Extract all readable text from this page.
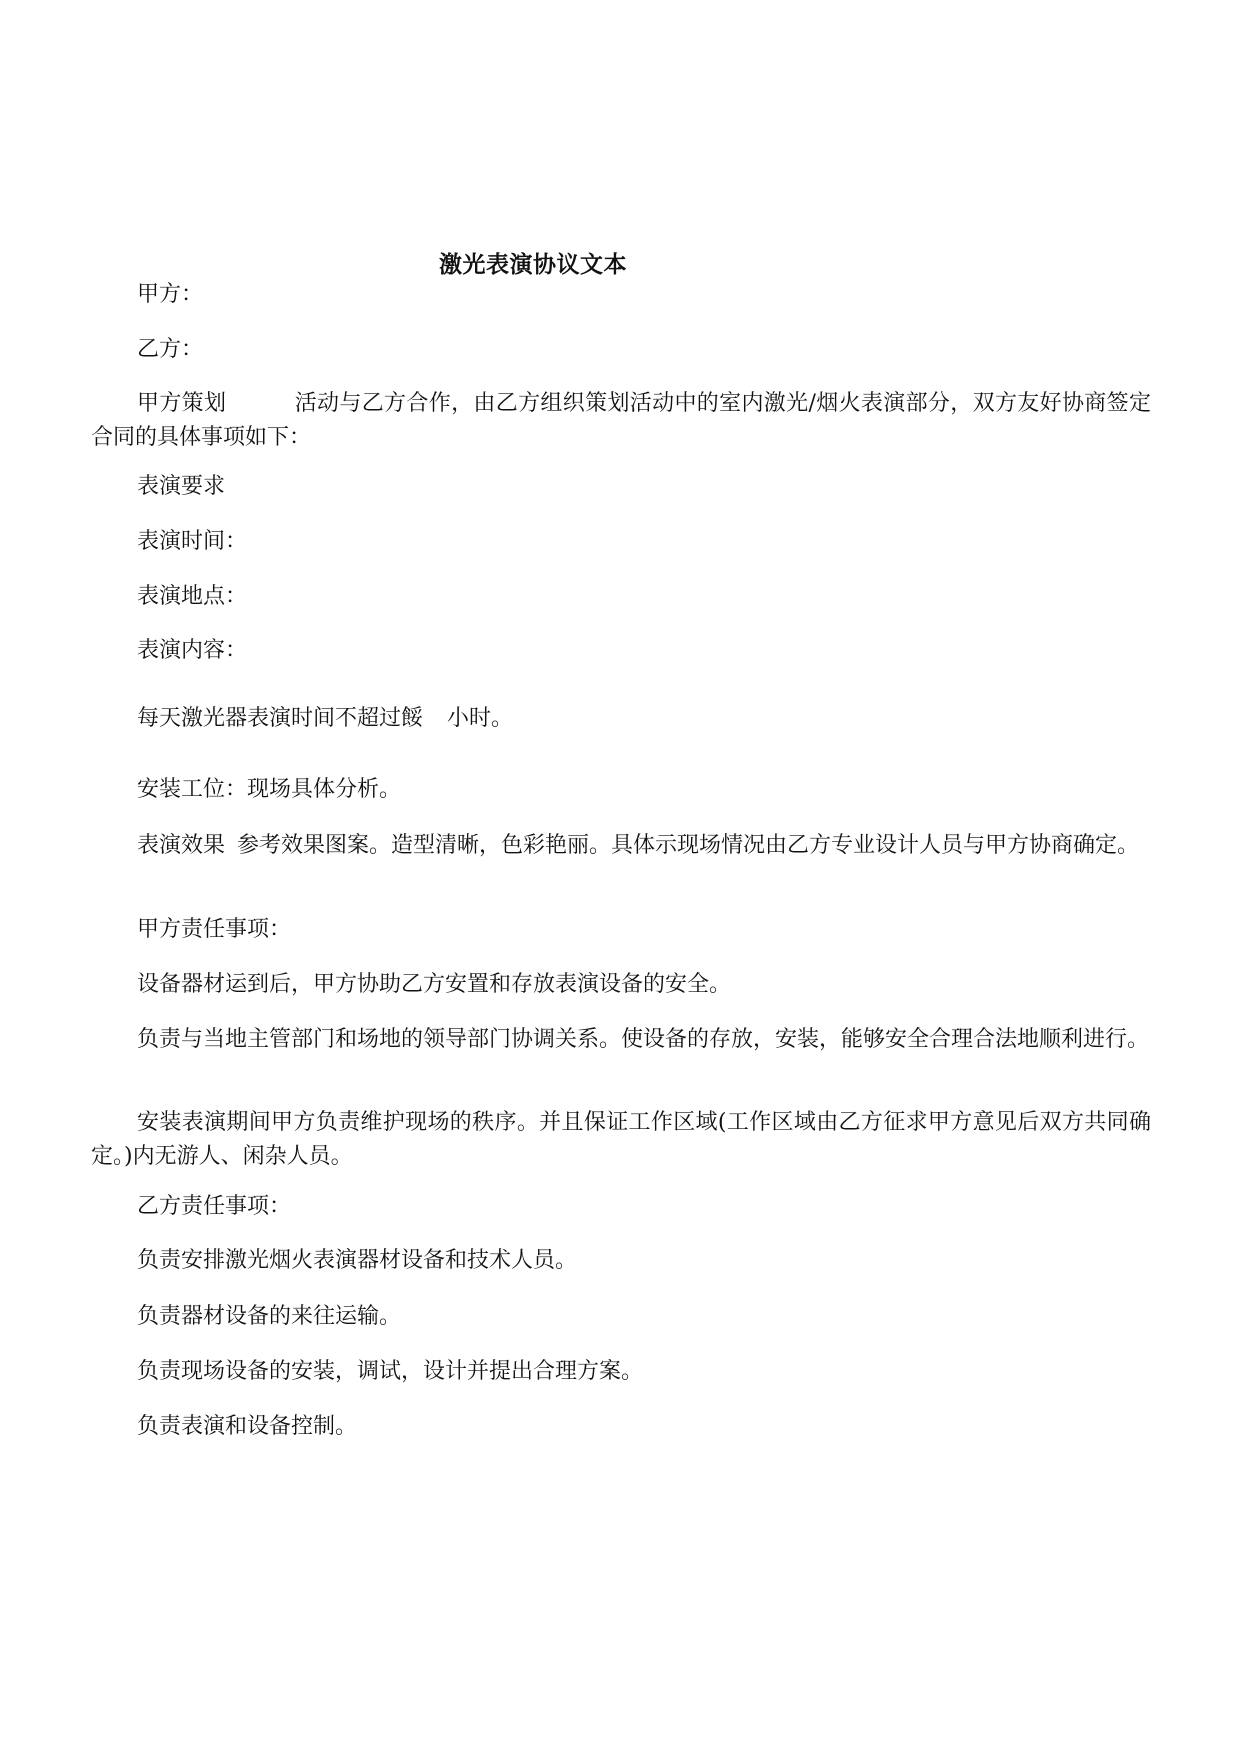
激光表演协议文本
甲方：
乙方：
甲方策划	活动与乙方合作，由乙方组织策划活动中的室内激光/烟火表演部分，双方友好协商签定合同的具体事项如下：
表演要求
表演时间：
表演地点：
表演内容：
每天激光器表演时间不超过餒 小时。
安装工位：现场具体分析。
表演效果 参考效果图案。造型清晰，色彩艳丽。具体示现场情况由乙方专业设计人员与甲方协商确定。
甲方责任事项：
设备器材运到后，甲方协助乙方安置和存放表演设备的安全。
负责与当地主管部门和场地的领导部门协调关系。使设备的存放，安装，能够安全合理合法地顺利进行。
安装表演期间甲方负责维护现场的秩序。并且保证工作区域(工作区域由乙方征求甲方意见后双方共同确定。)内无游人、闲杂人员。
乙方责任事项：
负责安排激光烟火表演器材设备和技术人员。
负责器材设备的来往运输。
负责现场设备的安装，调试，设计并提出合理方案。
负责表演和设备控制。
